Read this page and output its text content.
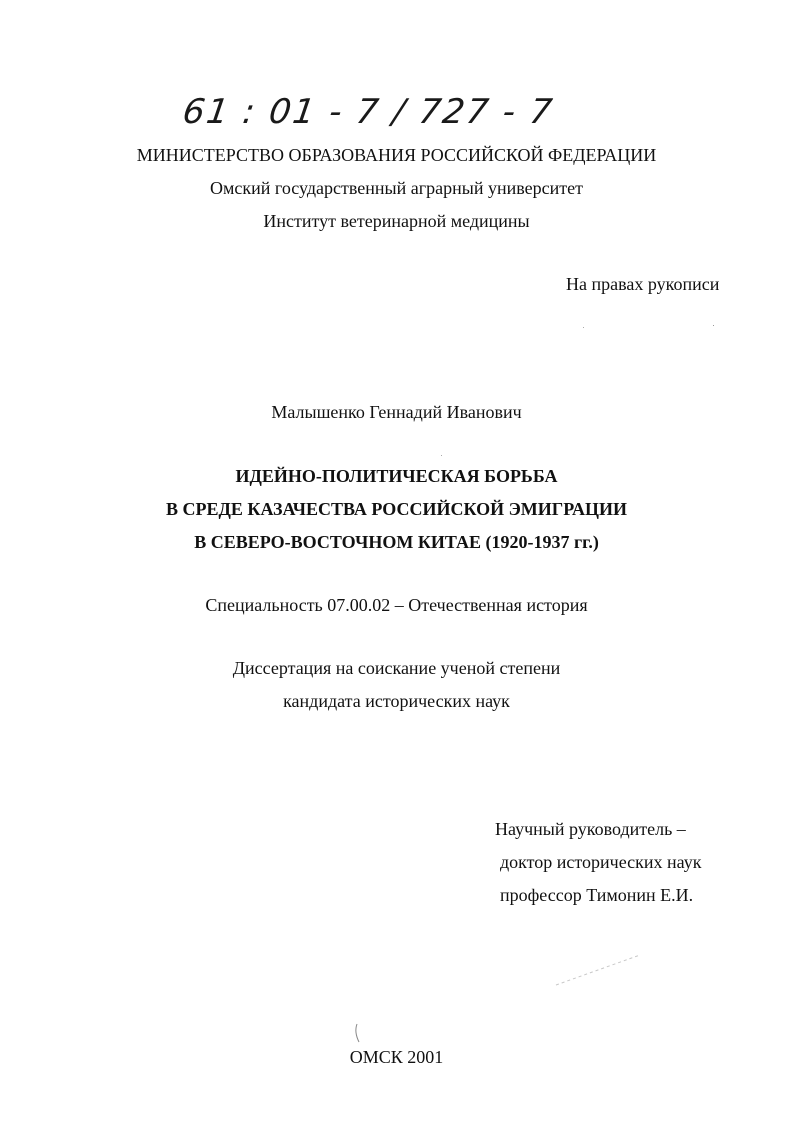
61 : 01 - 7 / 727 - 7
МИНИСТЕРСТВО ОБРАЗОВАНИЯ РОССИЙСКОЙ ФЕДЕРАЦИИ
Омский государственный аграрный университет
Институт ветеринарной медицины
На правах рукописи
Малышенко Геннадий Иванович
ИДЕЙНО-ПОЛИТИЧЕСКАЯ БОРЬБА
В СРЕДЕ КАЗАЧЕСТВА РОССИЙСКОЙ ЭМИГРАЦИИ
В СЕВЕРО-ВОСТОЧНОМ КИТАЕ (1920-1937 гг.)
Специальность 07.00.02 – Отечественная история
Диссертация на соискание ученой степени
кандидата исторических наук
Научный руководитель –
доктор исторических наук
профессор Тимонин Е.И.
ОМСК 2001
